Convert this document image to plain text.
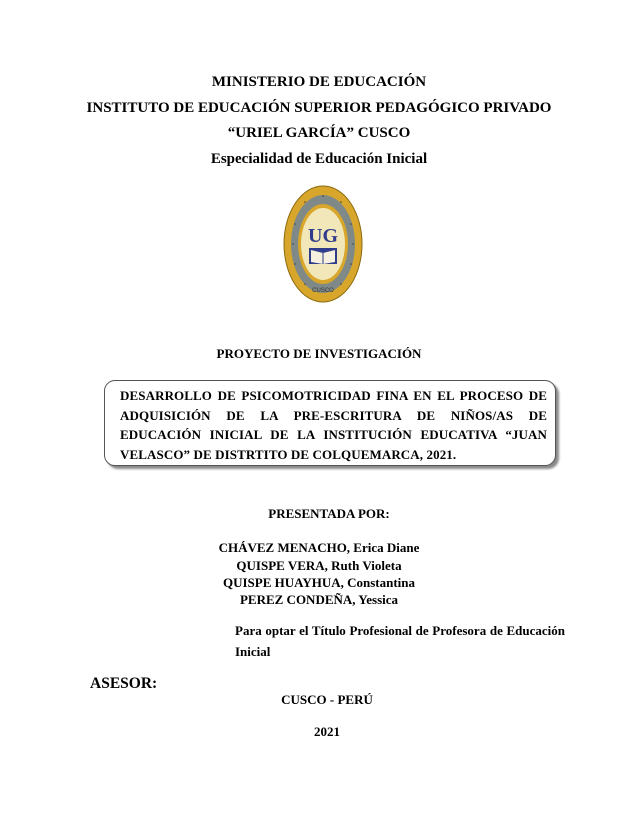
MINISTERIO DE EDUCACIÓN
INSTITUTO DE EDUCACIÓN SUPERIOR PEDAGÓGICO PRIVADO
“URIEL GARCÍA” CUSCO
Especialidad de Educación Inicial
UG
CUSCO
PROYECTO DE INVESTIGACIÓN
DESARROLLO DE PSICOMOTRICIDAD FINA EN EL PROCESO DE ADQUISICIÓN DE LA PRE-ESCRITURA DE NIÑOS/AS DE EDUCACIÓN INICIAL DE LA INSTITUCIÓN EDUCATIVA “JUAN VELASCO” DE DISTRTITO DE COLQUEMARCA, 2021.
PRESENTADA POR:
CHÁVEZ MENACHO, Erica Diane
QUISPE VERA, Ruth Violeta
QUISPE HUAYHUA, Constantina
PEREZ CONDEÑA, Yessica
Para optar el Título Profesional de Profesora de Educación Inicial
ASESOR:
CUSCO - PERÚ
2021
